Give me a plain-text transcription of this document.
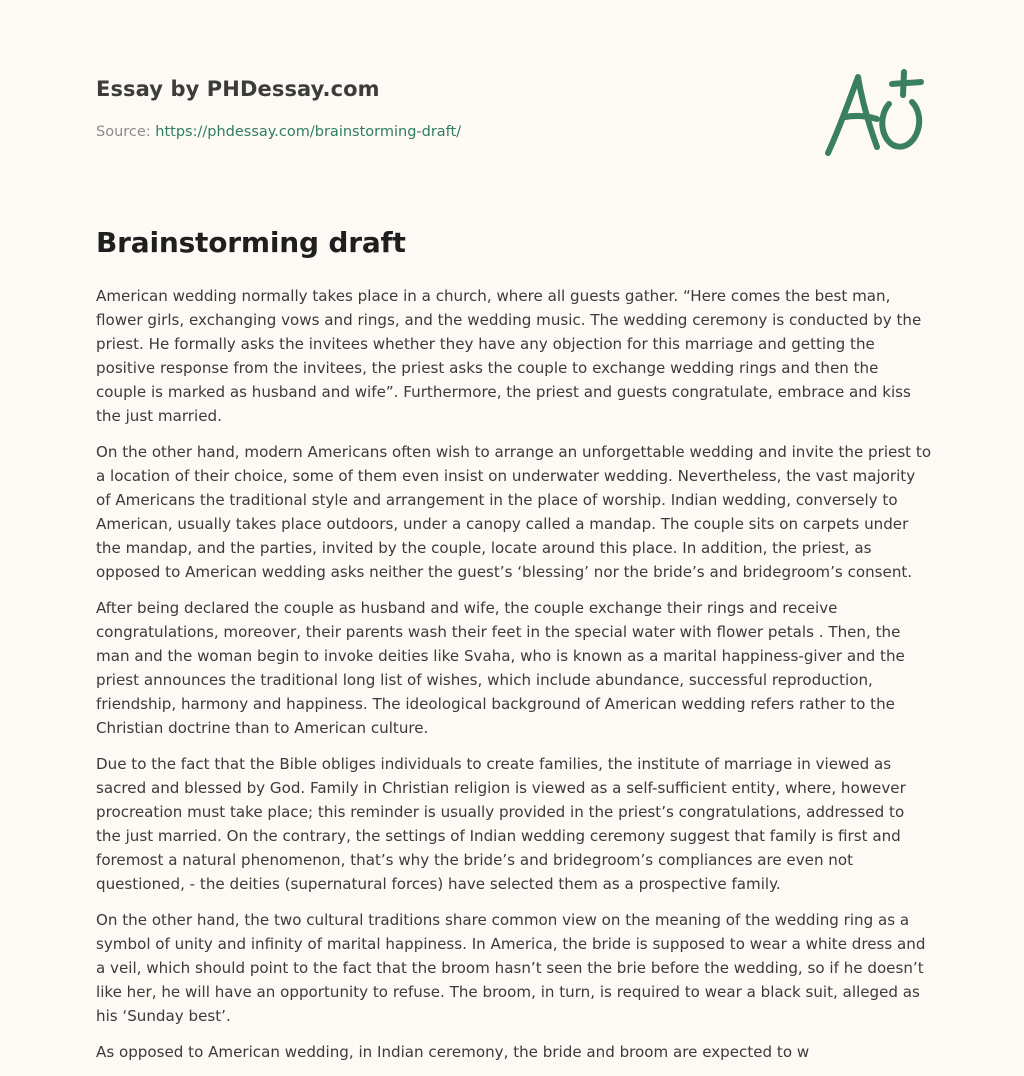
Essay by PHDessay.com
Source: https://phdessay.com/brainstorming-draft/
Brainstorming draft

American wedding normally takes place in a church, where all guests gather. “Here comes the best man, flower girls, exchanging vows and rings, and the wedding music. The wedding ceremony is conducted by the priest. He formally asks the invitees whether they have any objection for this marriage and getting the positive response from the invitees, the priest asks the couple to exchange wedding rings and then the couple is marked as husband and wife”. Furthermore, the priest and guests congratulate, embrace and kiss the just married.

On the other hand, modern Americans often wish to arrange an unforgettable wedding and invite the priest to a location of their choice, some of them even insist on underwater wedding. Nevertheless, the vast majority of Americans the traditional style and arrangement in the place of worship. Indian wedding, conversely to American, usually takes place outdoors, under a canopy called a mandap. The couple sits on carpets under the mandap, and the parties, invited by the couple, locate around this place. In addition, the priest, as opposed to American wedding asks neither the guest’s ‘blessing’ nor the bride’s and bridegroom’s consent.

After being declared the couple as husband and wife, the couple exchange their rings and receive congratulations, moreover, their parents wash their feet in the special water with flower petals . Then, the man and the woman begin to invoke deities like Svaha, who is known as a marital happiness-giver and the priest announces the traditional long list of wishes, which include abundance, successful reproduction, friendship, harmony and happiness. The ideological background of American wedding refers rather to the Christian doctrine than to American culture.

Due to the fact that the Bible obliges individuals to create families, the institute of marriage in viewed as sacred and blessed by God. Family in Christian religion is viewed as a self-sufficient entity, where, however procreation must take place; this reminder is usually provided in the priest’s congratulations, addressed to the just married. On the contrary, the settings of Indian wedding ceremony suggest that family is first and foremost a natural phenomenon, that’s why the bride’s and bridegroom’s compliances are even not questioned, - the deities (supernatural forces) have selected them as a prospective family.

On the other hand, the two cultural traditions share common view on the meaning of the wedding ring as a symbol of unity and infinity of marital happiness. In America, the bride is supposed to wear a white dress and a veil, which should point to the fact that the broom hasn’t seen the brie before the wedding, so if he doesn’t like her, he will have an opportunity to refuse. The broom, in turn, is required to wear a black suit, alleged as his ‘Sunday best’.

As opposed to American wedding, in Indian ceremony, the bride and broom are expected to w
